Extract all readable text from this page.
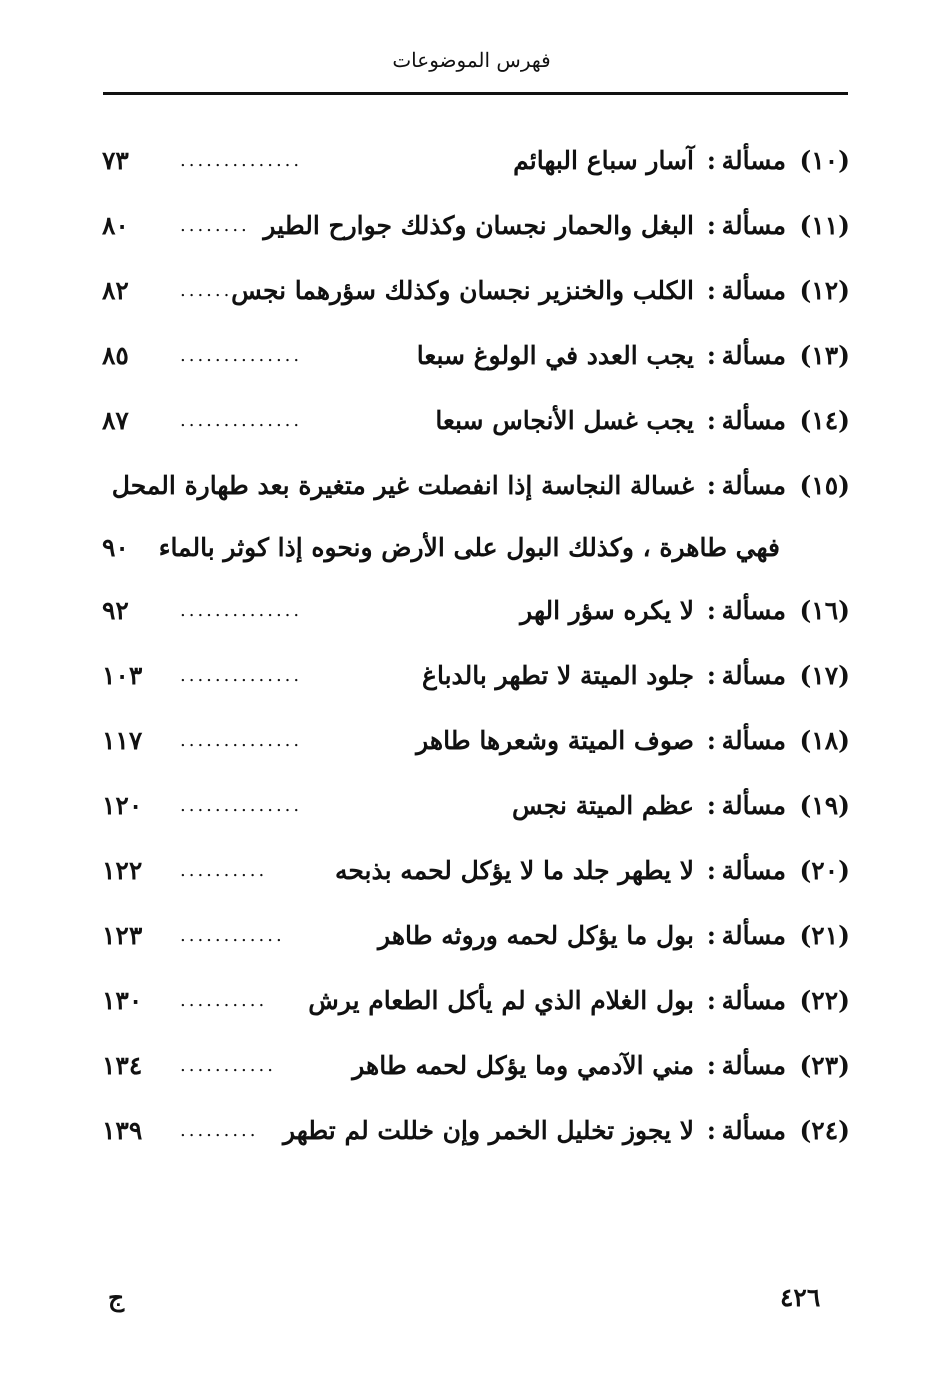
فهرس الموضوعات
(١٠)
مسألة
:
آسار سباع البهائم
..............
٧٣
(١١)
مسألة
:
البغل والحمار نجسان وكذلك جوارح الطير
........
٨٠
(١٢)
مسألة
:
الكلب والخنزير نجسان وكذلك سؤرهما نجس
......
٨٢
(١٣)
مسألة
:
يجب العدد في الولوغ سبعا
..............
٨٥
(١٤)
مسألة
:
يجب غسل الأنجاس سبعا
..............
٨٧
(١٥)
مسألة
:
غسالة النجاسة إذا انفصلت غير متغيرة بعد طهارة المحل
فهي طاهرة ، وكذلك البول على الأرض ونحوه إذا كوثر بالماء
٩٠
(١٦)
مسألة
:
لا يكره سؤر الهر
..............
٩٢
(١٧)
مسألة
:
جلود الميتة لا تطهر بالدباغ
..............
١٠٣
(١٨)
مسألة
:
صوف الميتة وشعرها طاهر
..............
١١٧
(١٩)
مسألة
:
عظم الميتة نجس
..............
١٢٠
(٢٠)
مسألة
:
لا يطهر جلد ما لا يؤكل لحمه بذبحه
..........
١٢٢
(٢١)
مسألة
:
بول ما يؤكل لحمه وروثه طاهر
............
١٢٣
(٢٢)
مسألة
:
بول الغلام الذي لم يأكل الطعام يرش
..........
١٣٠
(٢٣)
مسألة
:
مني الآدمي وما يؤكل لحمه طاهر
...........
١٣٤
(٢٤)
مسألة
:
لا يجوز تخليل الخمر وإن خللت لم تطهر
.........
١٣٩
٤٢٦
ج
